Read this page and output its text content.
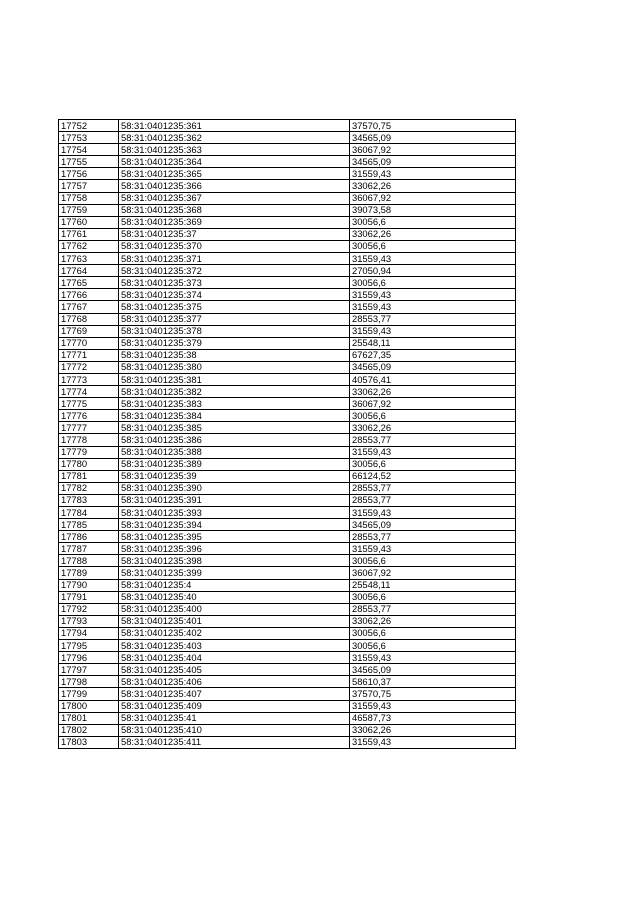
17752	58:31:0401235:361	37570,75
17753	58:31:0401235:362	34565,09
17754	58:31:0401235:363	36067,92
17755	58:31:0401235:364	34565,09
17756	58:31:0401235:365	31559,43
17757	58:31:0401235:366	33062,26
17758	58:31:0401235:367	36067,92
17759	58:31:0401235:368	39073,58
17760	58:31:0401235:369	30056,6
17761	58:31:0401235:37	33062,26
17762	58:31:0401235:370	30056,6
17763	58:31:0401235:371	31559,43
17764	58:31:0401235:372	27050,94
17765	58:31:0401235:373	30056,6
17766	58:31:0401235:374	31559,43
17767	58:31:0401235:375	31559,43
17768	58:31:0401235:377	28553,77
17769	58:31:0401235:378	31559,43
17770	58:31:0401235:379	25548,11
17771	58:31:0401235:38	67627,35
17772	58:31:0401235:380	34565,09
17773	58:31:0401235:381	40576,41
17774	58:31:0401235:382	33062,26
17775	58:31:0401235:383	36067,92
17776	58:31:0401235:384	30056,6
17777	58:31:0401235:385	33062,26
17778	58:31:0401235:386	28553,77
17779	58:31:0401235:388	31559,43
17780	58:31:0401235:389	30056,6
17781	58:31:0401235:39	66124,52
17782	58:31:0401235:390	28553,77
17783	58:31:0401235:391	28553,77
17784	58:31:0401235:393	31559,43
17785	58:31:0401235:394	34565,09
17786	58:31:0401235:395	28553,77
17787	58:31:0401235:396	31559,43
17788	58:31:0401235:398	30056,6
17789	58:31:0401235:399	36067,92
17790	58:31:0401235:4	25548,11
17791	58:31:0401235:40	30056,6
17792	58:31:0401235:400	28553,77
17793	58:31:0401235:401	33062,26
17794	58:31:0401235:402	30056,6
17795	58:31:0401235:403	30056,6
17796	58:31:0401235:404	31559,43
17797	58:31:0401235:405	34565,09
17798	58:31:0401235:406	58610,37
17799	58:31:0401235:407	37570,75
17800	58:31:0401235:409	31559,43
17801	58:31:0401235:41	46587,73
17802	58:31:0401235:410	33062,26
17803	58:31:0401235:411	31559,43
